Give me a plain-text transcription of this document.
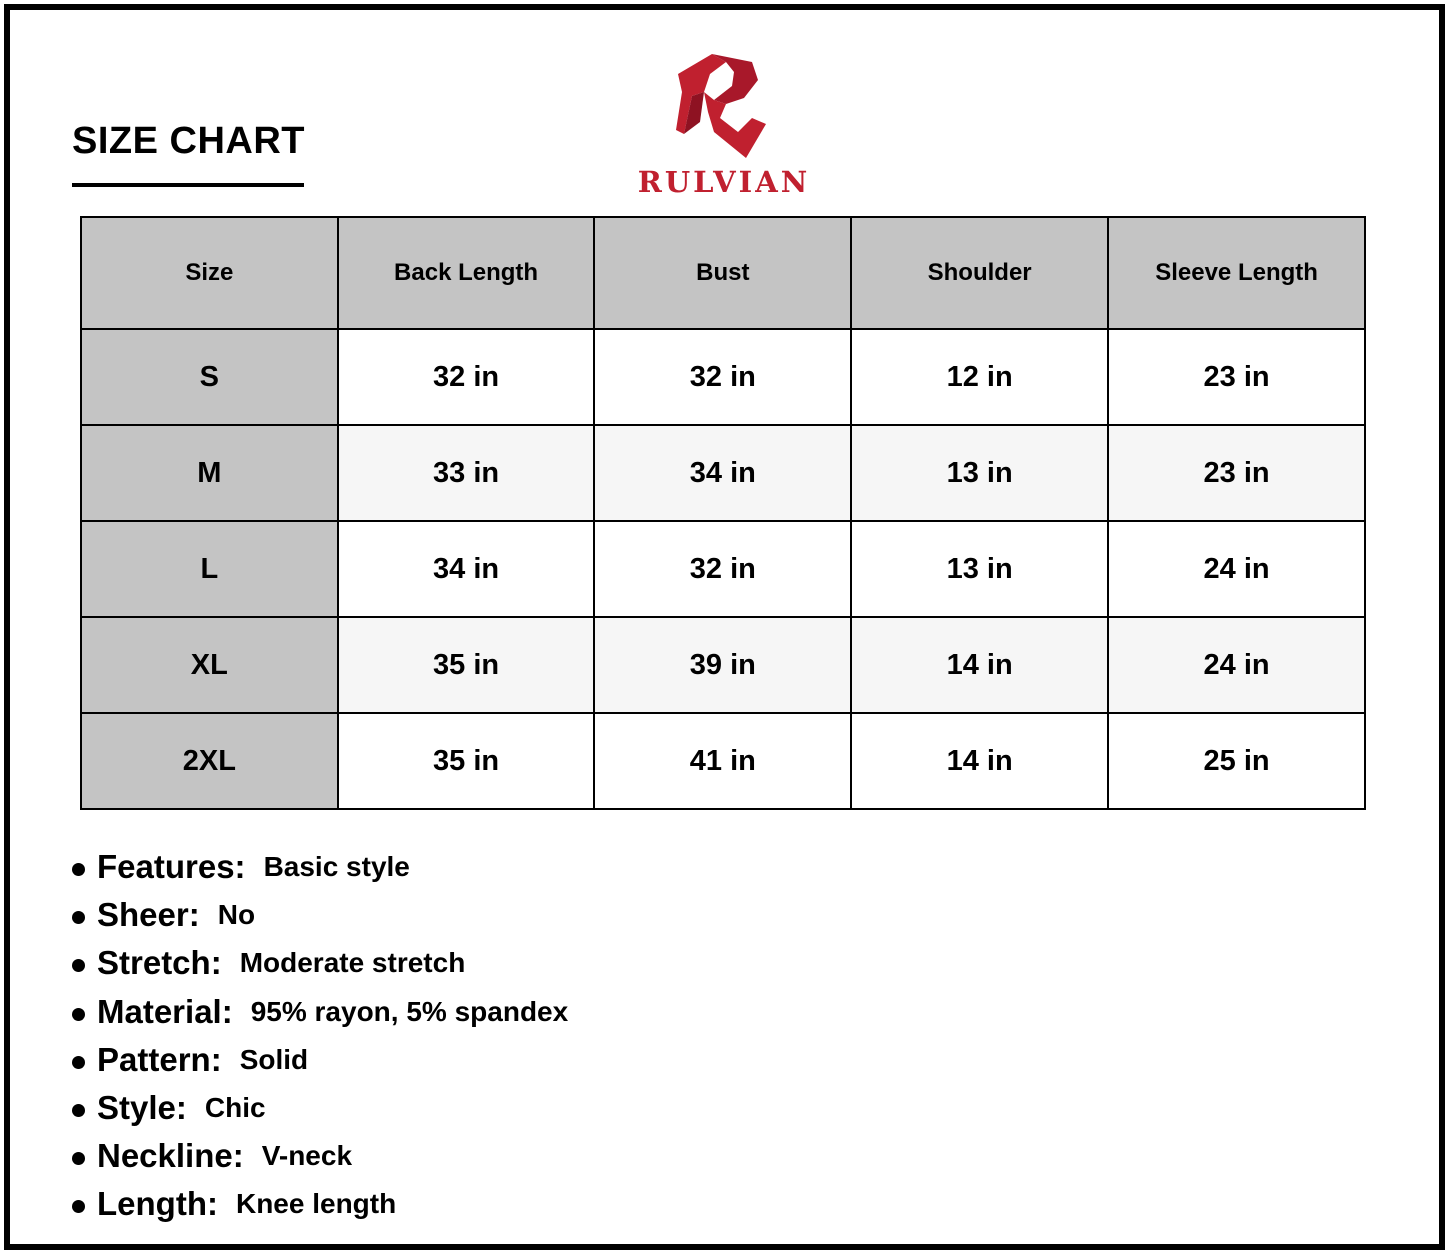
SIZE CHART
RULVIAN
Size	Back Length	Bust	Shoulder	Sleeve Length
S	32 in	32 in	12 in	23 in
M	33 in	34 in	13 in	23 in
L	34 in	32 in	13 in	24 in
XL	35 in	39 in	14 in	24 in
2XL	35 in	41 in	14 in	25 in
Features: Basic style
Sheer: No
Stretch: Moderate stretch
Material: 95% rayon, 5% spandex
Pattern: Solid
Style: Chic
Neckline: V-neck
Length: Knee length
